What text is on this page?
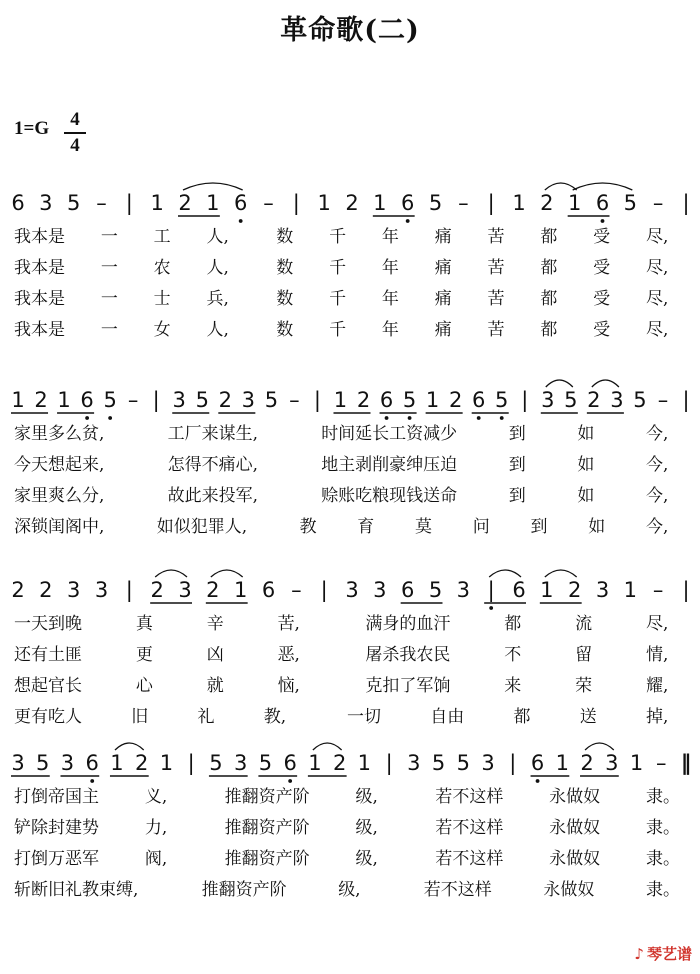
革命歌(二)
1=G	4
4
6 3 5 – | 1 2 1 6 – | 1 2 1 6 5 – | 1 2 1 6 5 – |
我本是 一 工 人,	数 千 年 痛 苦 都 受 尽,
我本是 一 农 人,	数 千 年 痛 苦 都 受 尽,
我本是 一 士 兵,	数 千 年 痛 苦 都 受 尽,
我本是 一 女 人,	数 千 年 痛 苦 都 受 尽,
1 2 1 6 5 – | 3 5 2 3 5 – | 1 2 6 5 1 2 6 5 | 3 5 2 3 5 – |
家里多么贫,	工厂来谋生,	时间延长工资减少	到	如	今,
今天想起来,	怎得不痛心,	地主剥削豪绅压迫	到	如	今,
家里爽么分,	故此来投军,	赊账吃粮现钱送命	到	如	今,
深锁闺阁中,	如似犯罪人,	教 育 莫 问 到 如 今,
2 2 3 3 | 2 3 2 1 6 – | 3 3 6 5 3 | 6 1 2 3 1 – |
一天到晚	真	辛	苦,	满身的血汗	都	流	尽,
还有土匪	更	凶	恶,	屠杀我农民	不	留	情,
想起官长	心	就	恼,	克扣了军饷	来	荣	耀,
更有吃人	旧	礼	教,	一切	自由	都	送	掉,
3 5 3 6 1 2 1 | 5 3 5 6 1 2 1 | 3 5 5 3 | 6 1 2 3 1 – ‖
打倒帝国主	义,	推翻资产阶	级,	若不这样	永做奴	隶。
铲除封建势	力,	推翻资产阶	级,	若不这样	永做奴	隶。
打倒万恶军	阀,	推翻资产阶	级,	若不这样	永做奴	隶。
斩断旧礼教束缚,	推翻资产阶	级,	若不这样	永做奴	隶。
♪ 琴艺谱
